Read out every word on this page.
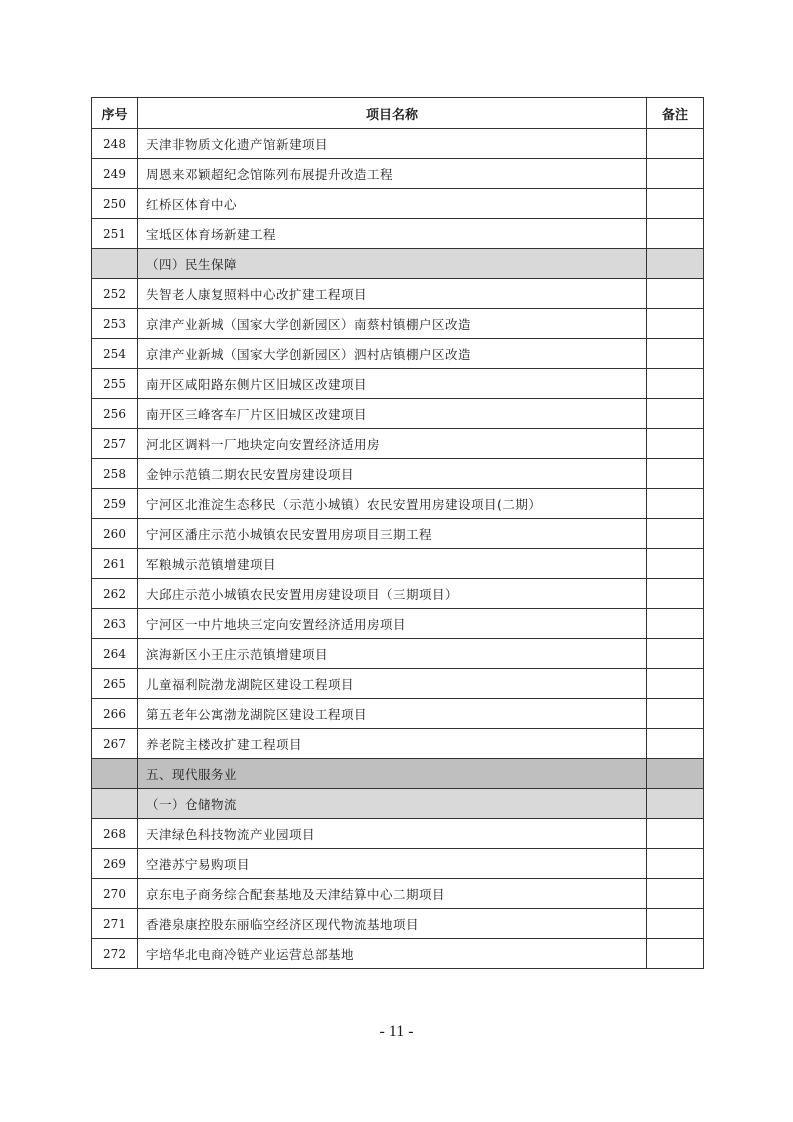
序号	项目名称	备注
248	天津非物质文化遗产馆新建项目	
249	周恩来邓颖超纪念馆陈列布展提升改造工程	
250	红桥区体育中心	
251	宝坻区体育场新建工程	
	（四）民生保障	
252	失智老人康复照料中心改扩建工程项目	
253	京津产业新城（国家大学创新园区）南蔡村镇棚户区改造	
254	京津产业新城（国家大学创新园区）泗村店镇棚户区改造	
255	南开区咸阳路东侧片区旧城区改建项目	
256	南开区三峰客车厂片区旧城区改建项目	
257	河北区调料一厂地块定向安置经济适用房	
258	金钟示范镇二期农民安置房建设项目	
259	宁河区北淮淀生态移民（示范小城镇）农民安置用房建设项目(二期）	
260	宁河区潘庄示范小城镇农民安置用房项目三期工程	
261	军粮城示范镇增建项目	
262	大邱庄示范小城镇农民安置用房建设项目（三期项目）	
263	宁河区一中片地块三定向安置经济适用房项目	
264	滨海新区小王庄示范镇增建项目	
265	儿童福利院渤龙湖院区建设工程项目	
266	第五老年公寓渤龙湖院区建设工程项目	
267	养老院主楼改扩建工程项目	
	五、现代服务业	
	（一）仓储物流	
268	天津绿色科技物流产业园项目	
269	空港苏宁易购项目	
270	京东电子商务综合配套基地及天津结算中心二期项目	
271	香港泉康控股东丽临空经济区现代物流基地项目	
272	宇培华北电商冷链产业运营总部基地	
- 11 -
